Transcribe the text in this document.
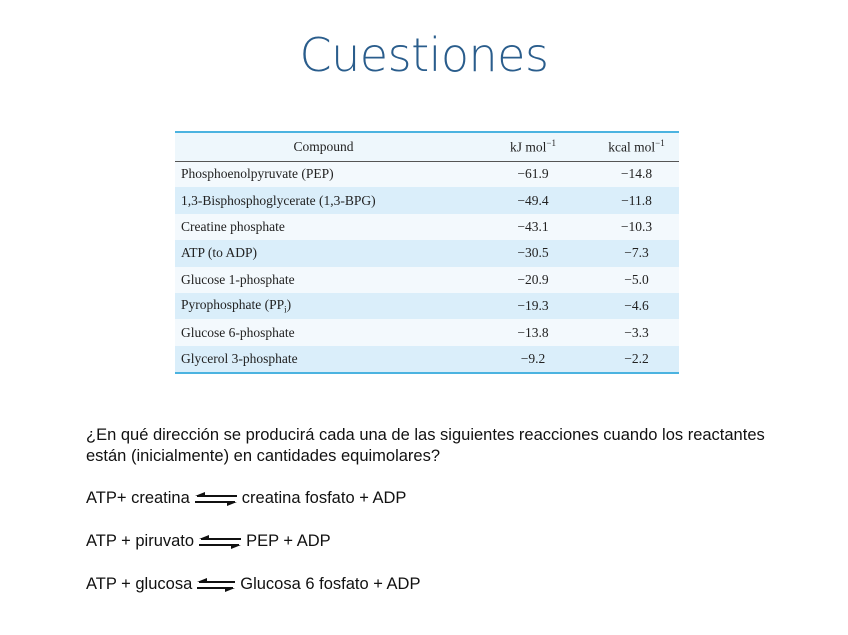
Cuestiones
Compound	kJ mol$^{-1}$	kcal mol$^{-1}$
Phosphoenolpyruvate (PEP)	−61.9	−14.8
1,3-Bisphosphoglycerate (1,3-BPG)	−49.4	−11.8
Creatine phosphate	−43.1	−10.3
ATP (to ADP)	−30.5	−7.3
Glucose 1-phosphate	−20.9	−5.0
Pyrophosphate $(PP_i)$	−19.3	−4.6
Glucose 6-phosphate	−13.8	−3.3
Glycerol 3-phosphate	−9.2	−2.2
¿En qué dirección se producirá cada una de las siguientes reacciones cuando los reactantes están (inicialmente) en cantidades equimolares?
ATP+ creatina ⇌ creatina fosfato + ADP
ATP + piruvato ⇌ PEP + ADP
ATP + glucosa ⇌ Glucosa 6 fosfato + ADP
